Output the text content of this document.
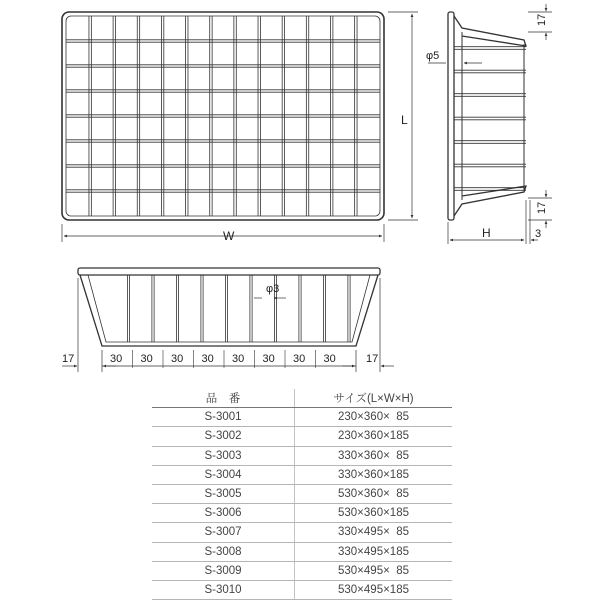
L
W
φ5
17
17
H	3
φ3
17	17
30 30 30 30 30 30 30 30
品　番	サイズ(L×W×H)
S-3001	230×360×  85
S-3002	230×360×185
S-3003	330×360×  85
S-3004	330×360×185
S-3005	530×360×  85
S-3006	530×360×185
S-3007	330×495×  85
S-3008	330×495×185
S-3009	530×495×  85
S-3010	530×495×185
